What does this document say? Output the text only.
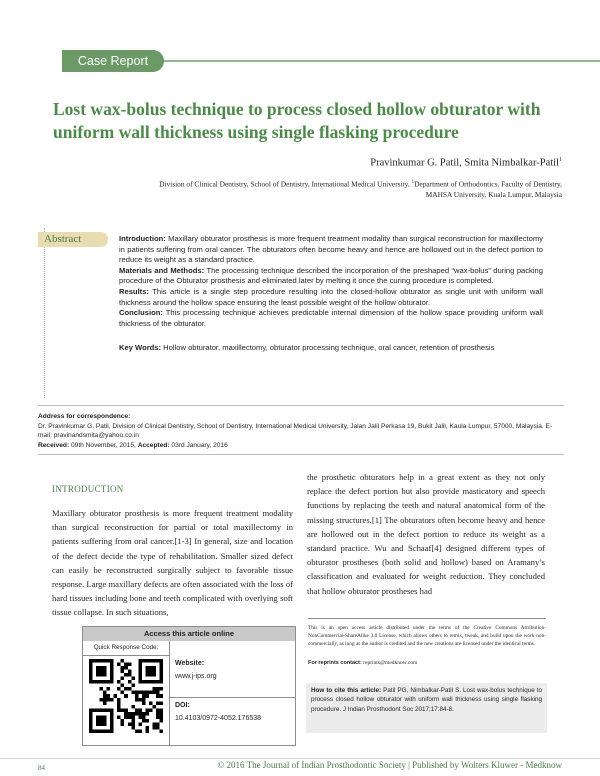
Case Report
Lost wax-bolus technique to process closed hollow obturator with uniform wall thickness using single flasking procedure
Pravinkumar G. Patil, Smita Nimbalkar-Patil$^1$
Division of Clinical Dentistry, School of Dentistry, International Medical University, $^1$Department of Orthodontics, Faculty of Dentistry,
MAHSA University, Kuala Lumpur, Malaysia
Abstract	Introduction: Maxillary obturator prosthesis is more frequent treatment modality than surgical reconstruction for maxillectomy in patients suffering from oral cancer. The obturators often become heavy and hence are hollowed out in the defect portion to reduce its weight as a standard practice.

Materials and Methods: The processing technique described the incorporation of the preshaped “wax-bolus” during packing procedure of the Obturator prosthesis and eliminated later by melting it once the curing procedure is completed.

Results: This article is a single step procedure resulting into the closed-hollow obturator as single unit with uniform wall thickness around the hollow space ensuring the least possible weight of the hollow obturator.

Conclusion: This processing technique achieves predictable internal dimension of the hollow space providing uniform wall thickness of the obturator.

Key Words: Hollow obturator, maxillectomy, obturator processing technique, oral cancer, retention of prosthesis

Address for correspondence:
Dr. Pravinkumar G. Patil, Division of Clinical Dentistry, School of Dentistry, International Medical University, Jalan Jalil Perkasa 19, Bukit Jalil, Kaula Lumpur, 57000, Malaysia. E-mail: pravinandsmita@yahoo.co.in
Received: 09th November, 2015, Accepted: 03rd January, 2016
INTRODUCTION
Maxillary obturator prosthesis is more frequent treatment modality than surgical reconstruction for partial or total maxillectomy in patients suffering from oral cancer.[1-3] In general, size and location of the defect decide the type of rehabilitation. Smaller sized defect can easily be reconstructed surgically subject to favorable tissue response. Large maxillary defects are often associated with the loss of hard tissues including bone and teeth complicated with overlying soft tissue collapse. In such situations,
the prosthetic obturators help in a great extent as they not only replace the defect portion but also provide masticatory and speech functions by replacing the teeth and natural anatomical form of the missing structures.[1] The obturators often become heavy and hence are hollowed out in the defect portion to reduce its weight as a standard practice. Wu and Schaaf[4] designed different types of obturator prostheses (both solid and hollow) based on Aramany’s classification and evaluated for weight reduction. They concluded that hollow obturator prostheses had
Access this article online
Quick Response Code:
Website:
www.j-ips.org
DOI:
10.4103/0972-4052.176538
This is an open access article distributed under the terms of the Creative Commons Attribution-NonCommercial-ShareAlike 3.0 License, which allows others to remix, tweak, and build upon the work non-commercially, as long as the author is credited and the new creations are licensed under the identical terms.
For reprints contact: reprints@medknow.com
How to cite this article: Patil PG, Nimbalkar-Patil S. Lost wax-bolus technique to process closed hollow obturator with uniform wall thickness using single flasking procedure. J Indian Prosthodont Soc 2017;17:84-8.
84	© 2016 The Journal of Indian Prosthodontic Society | Published by Wolters Kluwer - Medknow
